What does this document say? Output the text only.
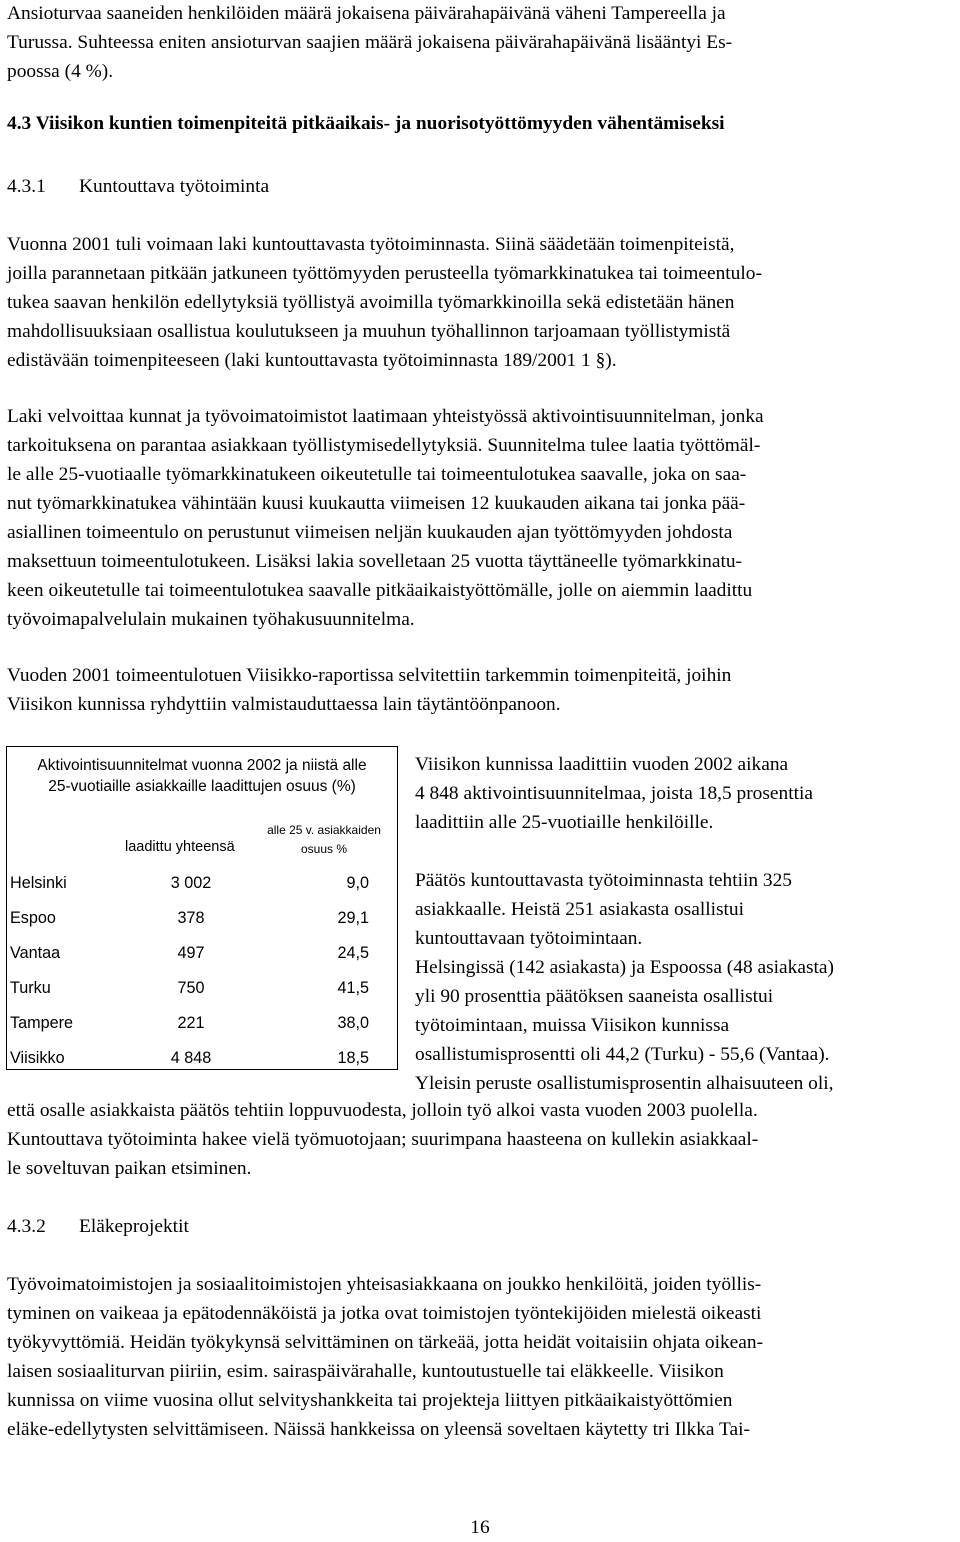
Ansioturvaa saaneiden henkilöiden määrä jokaisena päivärahapäivänä väheni Tampereella ja
Turussa. Suhteessa eniten ansioturvan saajien määrä jokaisena päivärahapäivänä lisääntyi Es-
poossa (4 %).
4.3 Viisikon kuntien toimenpiteitä pitkäaikais- ja nuorisotyöttömyyden vähentämiseksi
4.3.1 Kuntouttava työtoiminta
Vuonna 2001 tuli voimaan laki kuntouttavasta työtoiminnasta. Siinä säädetään toimenpiteistä,
joilla parannetaan pitkään jatkuneen työttömyyden perusteella työmarkkinatukea tai toimeentulo-
tukea saavan henkilön edellytyksiä työllistyä avoimilla työmarkkinoilla sekä edistetään hänen
mahdollisuuksiaan osallistua koulutukseen ja muuhun työhallinnon tarjoamaan työllistymistä
edistävään toimenpiteeseen (laki kuntouttavasta työtoiminnasta 189/2001 1 §).
Laki velvoittaa kunnat ja työvoimatoimistot laatimaan yhteistyössä aktivointisuunnitelman, jonka
tarkoituksena on parantaa asiakkaan työllistymisedellytyksiä. Suunnitelma tulee laatia työttömäl-
le alle 25-vuotiaalle työmarkkinatukeen oikeutetulle tai toimeentulotukea saavalle, joka on saa-
nut työmarkkinatukea vähintään kuusi kuukautta viimeisen 12 kuukauden aikana tai jonka pää-
asiallinen toimeentulo on perustunut viimeisen neljän kuukauden ajan työttömyyden johdosta
maksettuun toimeentulotukeen. Lisäksi lakia sovelletaan 25 vuotta täyttäneelle työmarkkinatu-
keen oikeutetulle tai toimeentulotukea saavalle pitkäaikaistyöttömälle, jolle on aiemmin laadittu
työvoimapalvelulain mukainen työhakusuunnitelma.
Vuoden 2001 toimeentulotuen Viisikko-raportissa selvitettiin tarkemmin toimenpiteitä, joihin
Viisikon kunnissa ryhdyttiin valmistauduttaessa lain täytäntöönpanoon.
Aktivointisuunnitelmat vuonna 2002 ja niistä alle
25-vuotiaille asiakkaille laadittujen osuus (%)
laadittu yhteensä
alle 25 v. asiakkaiden
osuus %
Helsinki	3 002	9,0
Espoo	378	29,1
Vantaa	497	24,5
Turku	750	41,5
Tampere	221	38,0
Viisikko	4 848	18,5
Viisikon kunnissa laadittiin vuoden 2002 aikana
4 848 aktivointisuunnitelmaa, joista 18,5 prosenttia
laadittiin alle 25-vuotiaille henkilöille.
Päätös kuntouttavasta työtoiminnasta tehtiin 325
asiakkaalle. Heistä 251 asiakasta osallistui
kuntouttavaan työtoimintaan.
Helsingissä (142 asiakasta) ja Espoossa (48 asiakasta)
yli 90 prosenttia päätöksen saaneista osallistui
työtoimintaan, muissa Viisikon kunnissa
osallistumisprosentti oli 44,2 (Turku) - 55,6 (Vantaa).
Yleisin peruste osallistumisprosentin alhaisuuteen oli,
että osalle asiakkaista päätös tehtiin loppuvuodesta, jolloin työ alkoi vasta vuoden 2003 puolella.
Kuntouttava työtoiminta hakee vielä työmuotojaan; suurimpana haasteena on kullekin asiakkaal-
le soveltuvan paikan etsiminen.
4.3.2 Eläkeprojektit
Työvoimatoimistojen ja sosiaalitoimistojen yhteisasiakkaana on joukko henkilöitä, joiden työllis-
tyminen on vaikeaa ja epätodennäköistä ja jotka ovat toimistojen työntekijöiden mielestä oikeasti
työkyvyttömiä. Heidän työkykynsä selvittäminen on tärkeää, jotta heidät voitaisiin ohjata oikean-
laisen sosiaaliturvan piiriin, esim. sairaspäivärahalle, kuntoutustuelle tai eläkkeelle. Viisikon
kunnissa on viime vuosina ollut selvityshankkeita tai projekteja liittyen pitkäaikaistyöttömien
eläke-edellytysten selvittämiseen. Näissä hankkeissa on yleensä soveltaen käytetty tri Ilkka Tai-
16
